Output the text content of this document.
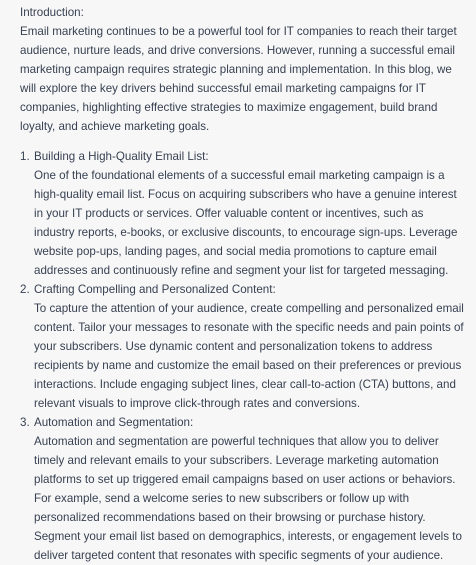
Introduction:

Email marketing continues to be a powerful tool for IT companies to reach their target audience, nurture leads, and drive conversions. However, running a successful email marketing campaign requires strategic planning and implementation. In this blog, we will explore the key drivers behind successful email marketing campaigns for IT companies, highlighting effective strategies to maximize engagement, build brand loyalty, and achieve marketing goals.

1. Building a High-Quality Email List:

One of the foundational elements of a successful email marketing campaign is a high-quality email list. Focus on acquiring subscribers who have a genuine interest in your IT products or services. Offer valuable content or incentives, such as industry reports, e-books, or exclusive discounts, to encourage sign-ups. Leverage website pop-ups, landing pages, and social media promotions to capture email addresses and continuously refine and segment your list for targeted messaging.

2. Crafting Compelling and Personalized Content:

To capture the attention of your audience, create compelling and personalized email content. Tailor your messages to resonate with the specific needs and pain points of your subscribers. Use dynamic content and personalization tokens to address recipients by name and customize the email based on their preferences or previous interactions. Include engaging subject lines, clear call-to-action (CTA) buttons, and relevant visuals to improve click-through rates and conversions.

3. Automation and Segmentation:

Automation and segmentation are powerful techniques that allow you to deliver timely and relevant emails to your subscribers. Leverage marketing automation platforms to set up triggered email campaigns based on user actions or behaviors. For example, send a welcome series to new subscribers or follow up with personalized recommendations based on their browsing or purchase history. Segment your email list based on demographics, interests, or engagement levels to deliver targeted content that resonates with specific segments of your audience.
